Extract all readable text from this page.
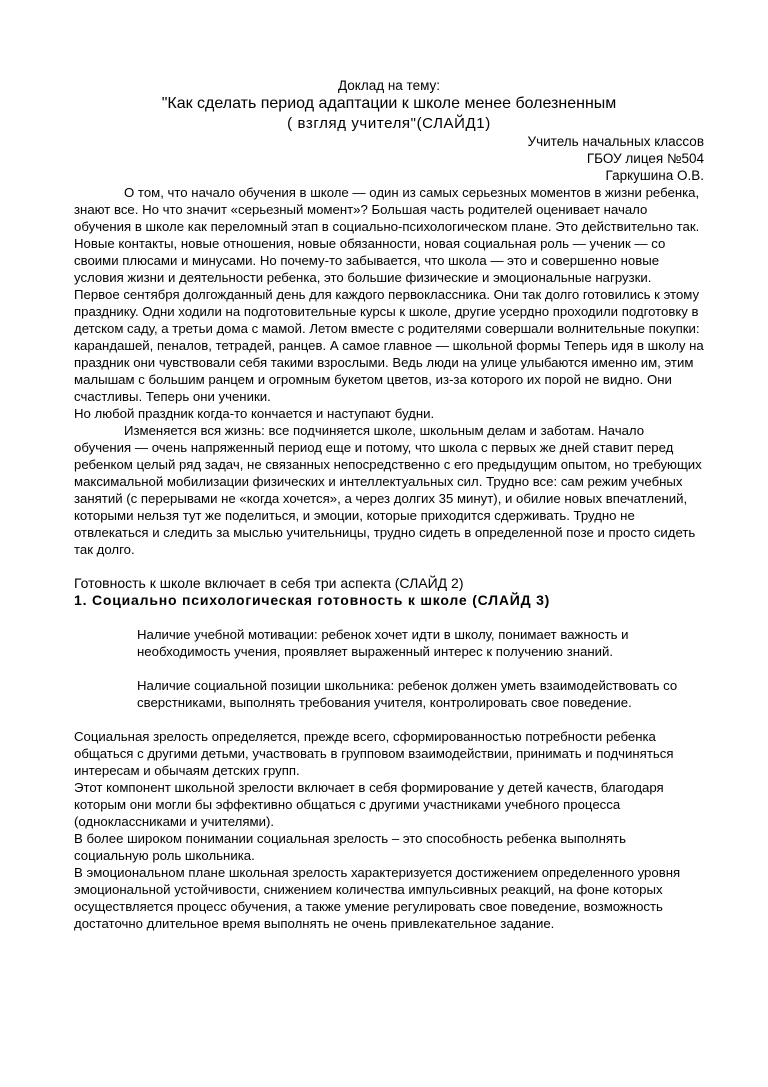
Доклад на тему:

"Как сделать период адаптации к школе менее болезненным

( взгляд учителя"(СЛАЙД1)

Учитель начальных классов

ГБОУ лицея №504

Гаркушина О.В.

О том, что начало обучения в школе — один из самых серьезных моментов в жизни ребенка, знают все. Но что значит «серьезный момент»? Большая часть родителей оценивает начало обучения в школе как переломный этап в социально-психологическом плане. Это действительно так. Новые контакты, новые отношения, новые обязанности, новая социальная роль — ученик — со своими плюсами и минусами. Но почему-то забывается, что школа — это и совершенно новые условия жизни и деятельности ребенка, это большие физические и эмоциональные нагрузки.

Первое сентября долгожданный день для каждого первоклассника. Они так долго готовились к этому празднику. Одни ходили на подготовительные курсы к школе, другие усердно проходили подготовку в детском саду, а третьи дома с мамой. Летом вместе с родителями совершали волнительные покупки: карандашей, пеналов, тетрадей, ранцев. А самое главное — школьной формы Теперь идя в школу на праздник они чувствовали себя такими взрослыми. Ведь люди на улице улыбаются именно им, этим малышам с большим ранцем и огромным букетом цветов, из-за которого их порой не видно. Они счастливы. Теперь они ученики.

Но любой праздник когда-то кончается и наступают будни.

Изменяется вся жизнь: все подчиняется школе, школьным делам и заботам. Начало обучения — очень напряженный период еще и потому, что школа с первых же дней ставит перед ребенком целый ряд задач, не связанных непосредственно с его предыдущим опытом, но требующих максимальной мобилизации физических и интеллектуальных сил. Трудно все: сам режим учебных занятий (с перерывами не «когда хочется», а через долгих 35 минут), и обилие новых впечатлений, которыми нельзя тут же поделиться, и эмоции, которые приходится сдерживать. Трудно не отвлекаться и следить за мыслью учительницы, трудно сидеть в определенной позе и просто сидеть так долго.

Готовность к школе включает в себя три аспекта (СЛАЙД 2)

1. Социально психологическая готовность к школе (СЛАЙД 3)

Наличие учебной мотивации: ребенок хочет идти в школу, понимает важность и необходимость учения, проявляет выраженный интерес к получению знаний.
Наличие социальной позиции школьника: ребенок должен уметь взаимодействовать со сверстниками, выполнять требования учителя, контролировать свое поведение.

Социальная зрелость определяется, прежде всего, сформированностью потребности ребенка общаться с другими детьми, участвовать в групповом взаимодействии, принимать и подчиняться интересам и обычаям детских групп.

Этот компонент школьной зрелости включает в себя формирование у детей качеств, благодаря которым они могли бы эффективно общаться с другими участниками учебного процесса (одноклассниками и учителями).

В более широком понимании социальная зрелость – это способность ребенка выполнять социальную роль школьника.

В эмоциональном плане школьная зрелость характеризуется достижением определенного уровня эмоциональной устойчивости, снижением количества импульсивных реакций, на фоне которых осуществляется процесс обучения, а также умение регулировать свое поведение, возможность достаточно длительное время выполнять не очень привлекательное задание.
